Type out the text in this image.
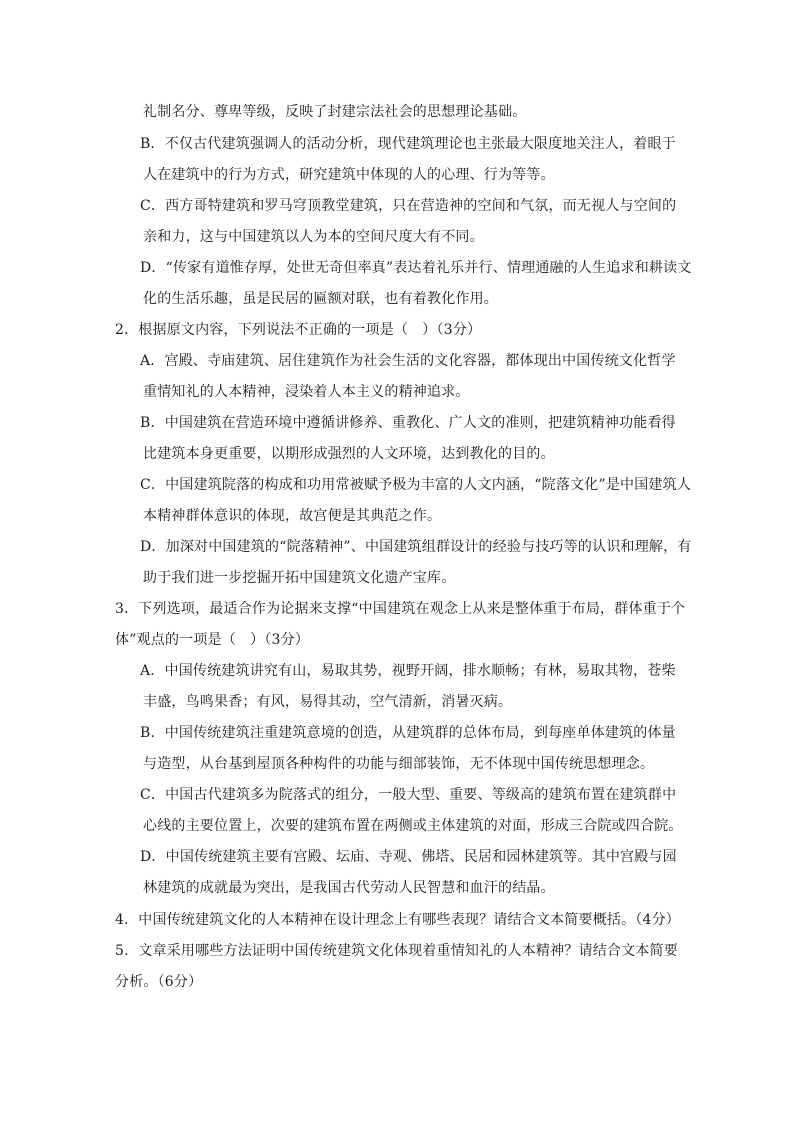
礼制名分、尊卑等级，反映了封建宗法社会的思想理论基础。
B．不仅古代建筑强调人的活动分析，现代建筑理论也主张最大限度地关注人，着眼于
人在建筑中的行为方式，研究建筑中体现的人的心理、行为等等。
C．西方哥特建筑和罗马穹顶教堂建筑，只在营造神的空间和气氛，而无视人与空间的
亲和力，这与中国建筑以人为本的空间尺度大有不同。
D．“传家有道惟存厚，处世无奇但率真”表达着礼乐并行、情理通融的人生追求和耕读文
化的生活乐趣，虽是民居的匾额对联，也有着教化作用。
2．根据原文内容，下列说法不正确的一项是（　）（3分）
A．宫殿、寺庙建筑、居住建筑作为社会生活的文化容器，都体现出中国传统文化哲学
重情知礼的人本精神，浸染着人本主义的精神追求。
B．中国建筑在营造环境中遵循讲修养、重教化、广人文的准则，把建筑精神功能看得
比建筑本身更重要，以期形成强烈的人文环境，达到教化的目的。
C．中国建筑院落的构成和功用常被赋予极为丰富的人文内涵，“院落文化”是中国建筑人
本精神群体意识的体现，故宫便是其典范之作。
D．加深对中国建筑的“院落精神”、中国建筑组群设计的经验与技巧等的认识和理解，有
助于我们进一步挖掘开拓中国建筑文化遗产宝库。
3．下列选项，最适合作为论据来支撑“中国建筑在观念上从来是整体重于布局，群体重于个
体”观点的一项是（　）（3分）
A．中国传统建筑讲究有山，易取其势，视野开阔，排水顺畅；有林，易取其物，苍柴
丰盛，鸟鸣果香；有风，易得其动，空气清新，消暑灭病。
B．中国传统建筑注重建筑意境的创造，从建筑群的总体布局，到每座单体建筑的体量
与造型，从台基到屋顶各种构件的功能与细部装饰，无不体现中国传统思想理念。
C．中国古代建筑多为院落式的组分，一般大型、重要、等级高的建筑布置在建筑群中
心线的主要位置上，次要的建筑布置在两侧或主体建筑的对面，形成三合院或四合院。
D．中国传统建筑主要有宫殿、坛庙、寺观、佛塔、民居和园林建筑等。其中宫殿与园
林建筑的成就最为突出，是我国古代劳动人民智慧和血汗的结晶。
4．中国传统建筑文化的人本精神在设计理念上有哪些表现？请结合文本简要概括。（4分）
5．文章采用哪些方法证明中国传统建筑文化体现着重情知礼的人本精神？请结合文本简要
分析。（6分）
